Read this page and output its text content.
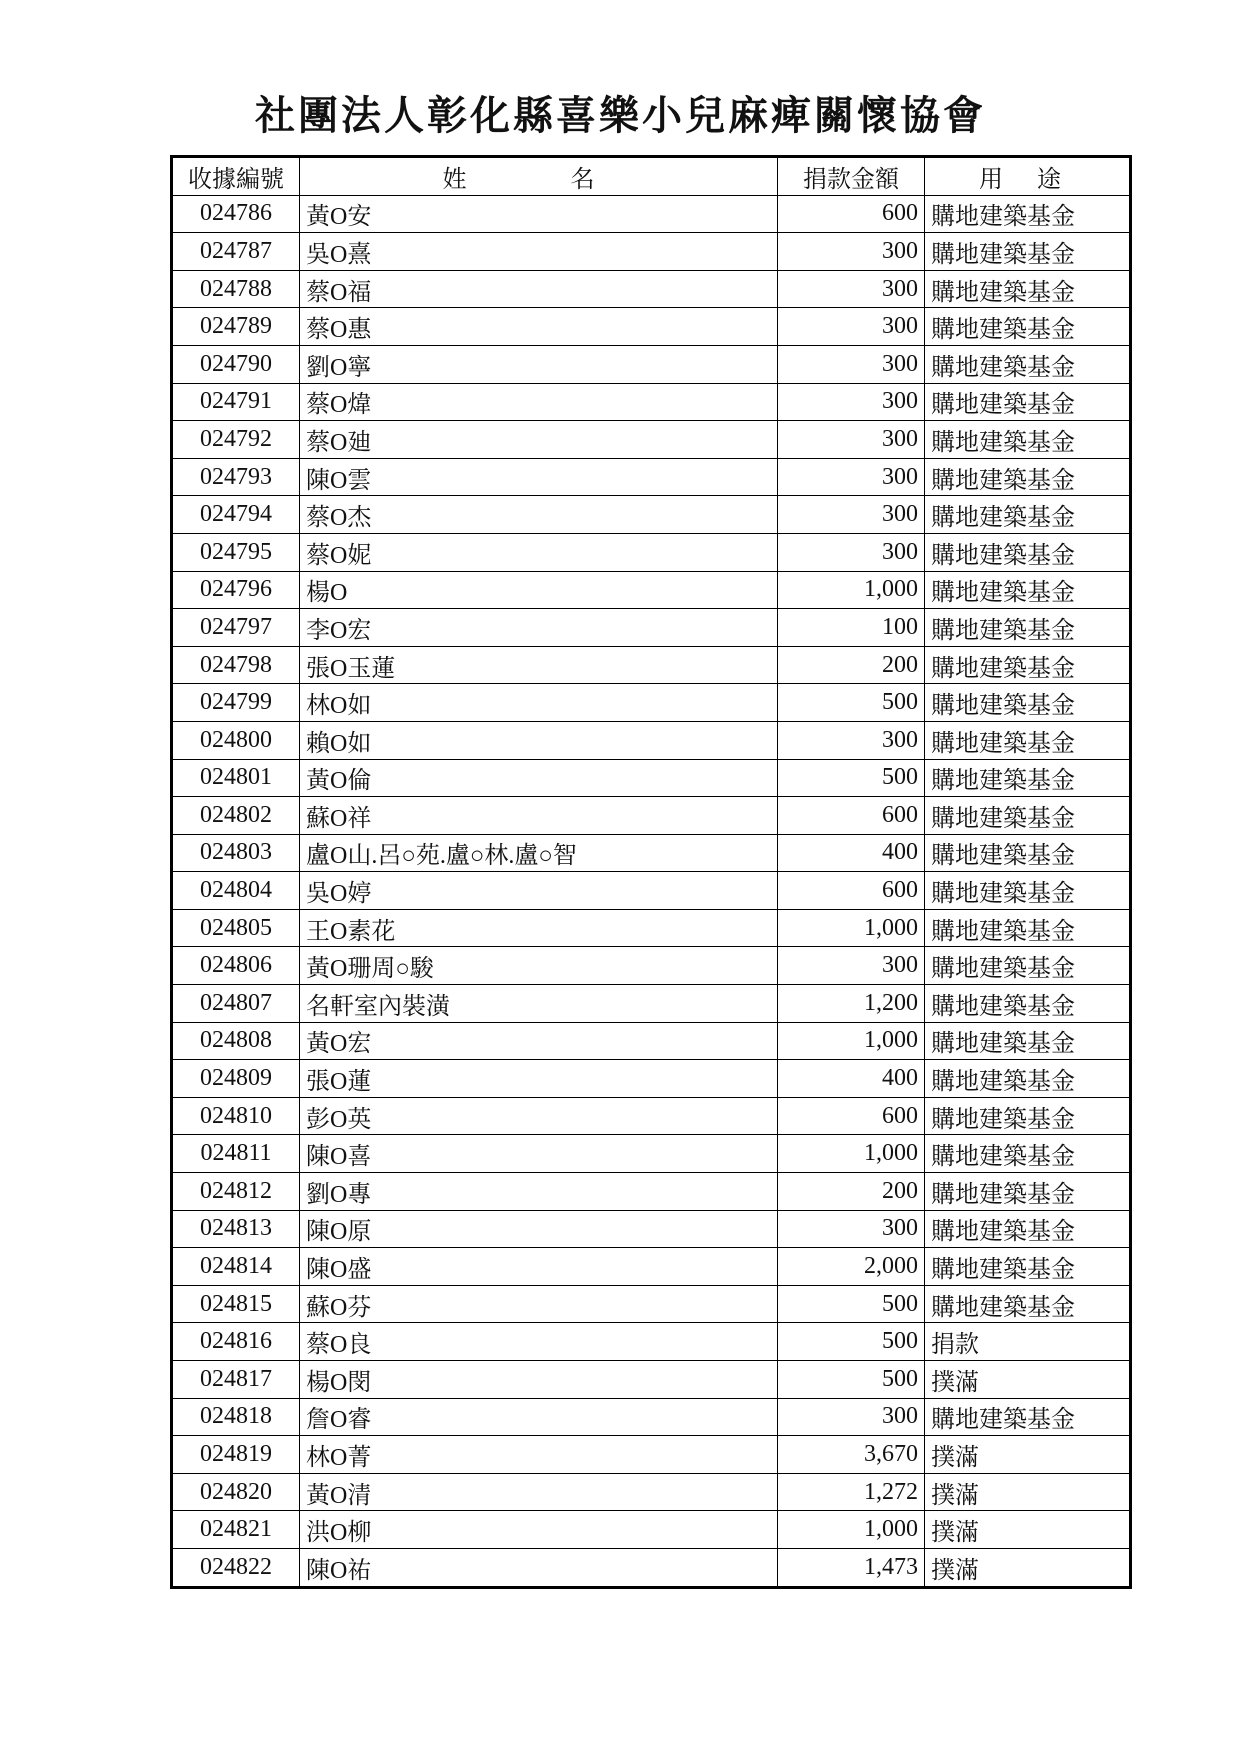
社團法人彰化縣喜樂小兒麻痺關懷協會
收據編號	姓　名	捐款金額	用 途
024786	黃O安	600	購地建築基金
024787	吳O熹	300	購地建築基金
024788	蔡O福	300	購地建築基金
024789	蔡O惠	300	購地建築基金
024790	劉O寧	300	購地建築基金
024791	蔡O煒	300	購地建築基金
024792	蔡O廸	300	購地建築基金
024793	陳O雲	300	購地建築基金
024794	蔡O杰	300	購地建築基金
024795	蔡O妮	300	購地建築基金
024796	楊O	1,000	購地建築基金
024797	李O宏	100	購地建築基金
024798	張O玉蓮	200	購地建築基金
024799	林O如	500	購地建築基金
024800	賴O如	300	購地建築基金
024801	黃O倫	500	購地建築基金
024802	蘇O祥	600	購地建築基金
024803	盧O山.呂○苑.盧○林.盧○智	400	購地建築基金
024804	吳O婷	600	購地建築基金
024805	王O素花	1,000	購地建築基金
024806	黃O珊周○駿	300	購地建築基金
024807	名軒室內裝潢	1,200	購地建築基金
024808	黃O宏	1,000	購地建築基金
024809	張O蓮	400	購地建築基金
024810	彭O英	600	購地建築基金
024811	陳O喜	1,000	購地建築基金
024812	劉O專	200	購地建築基金
024813	陳O原	300	購地建築基金
024814	陳O盛	2,000	購地建築基金
024815	蘇O芬	500	購地建築基金
024816	蔡O良	500	捐款
024817	楊O閔	500	撲滿
024818	詹O睿	300	購地建築基金
024819	林O菁	3,670	撲滿
024820	黃O清	1,272	撲滿
024821	洪O柳	1,000	撲滿
024822	陳O祐	1,473	撲滿
